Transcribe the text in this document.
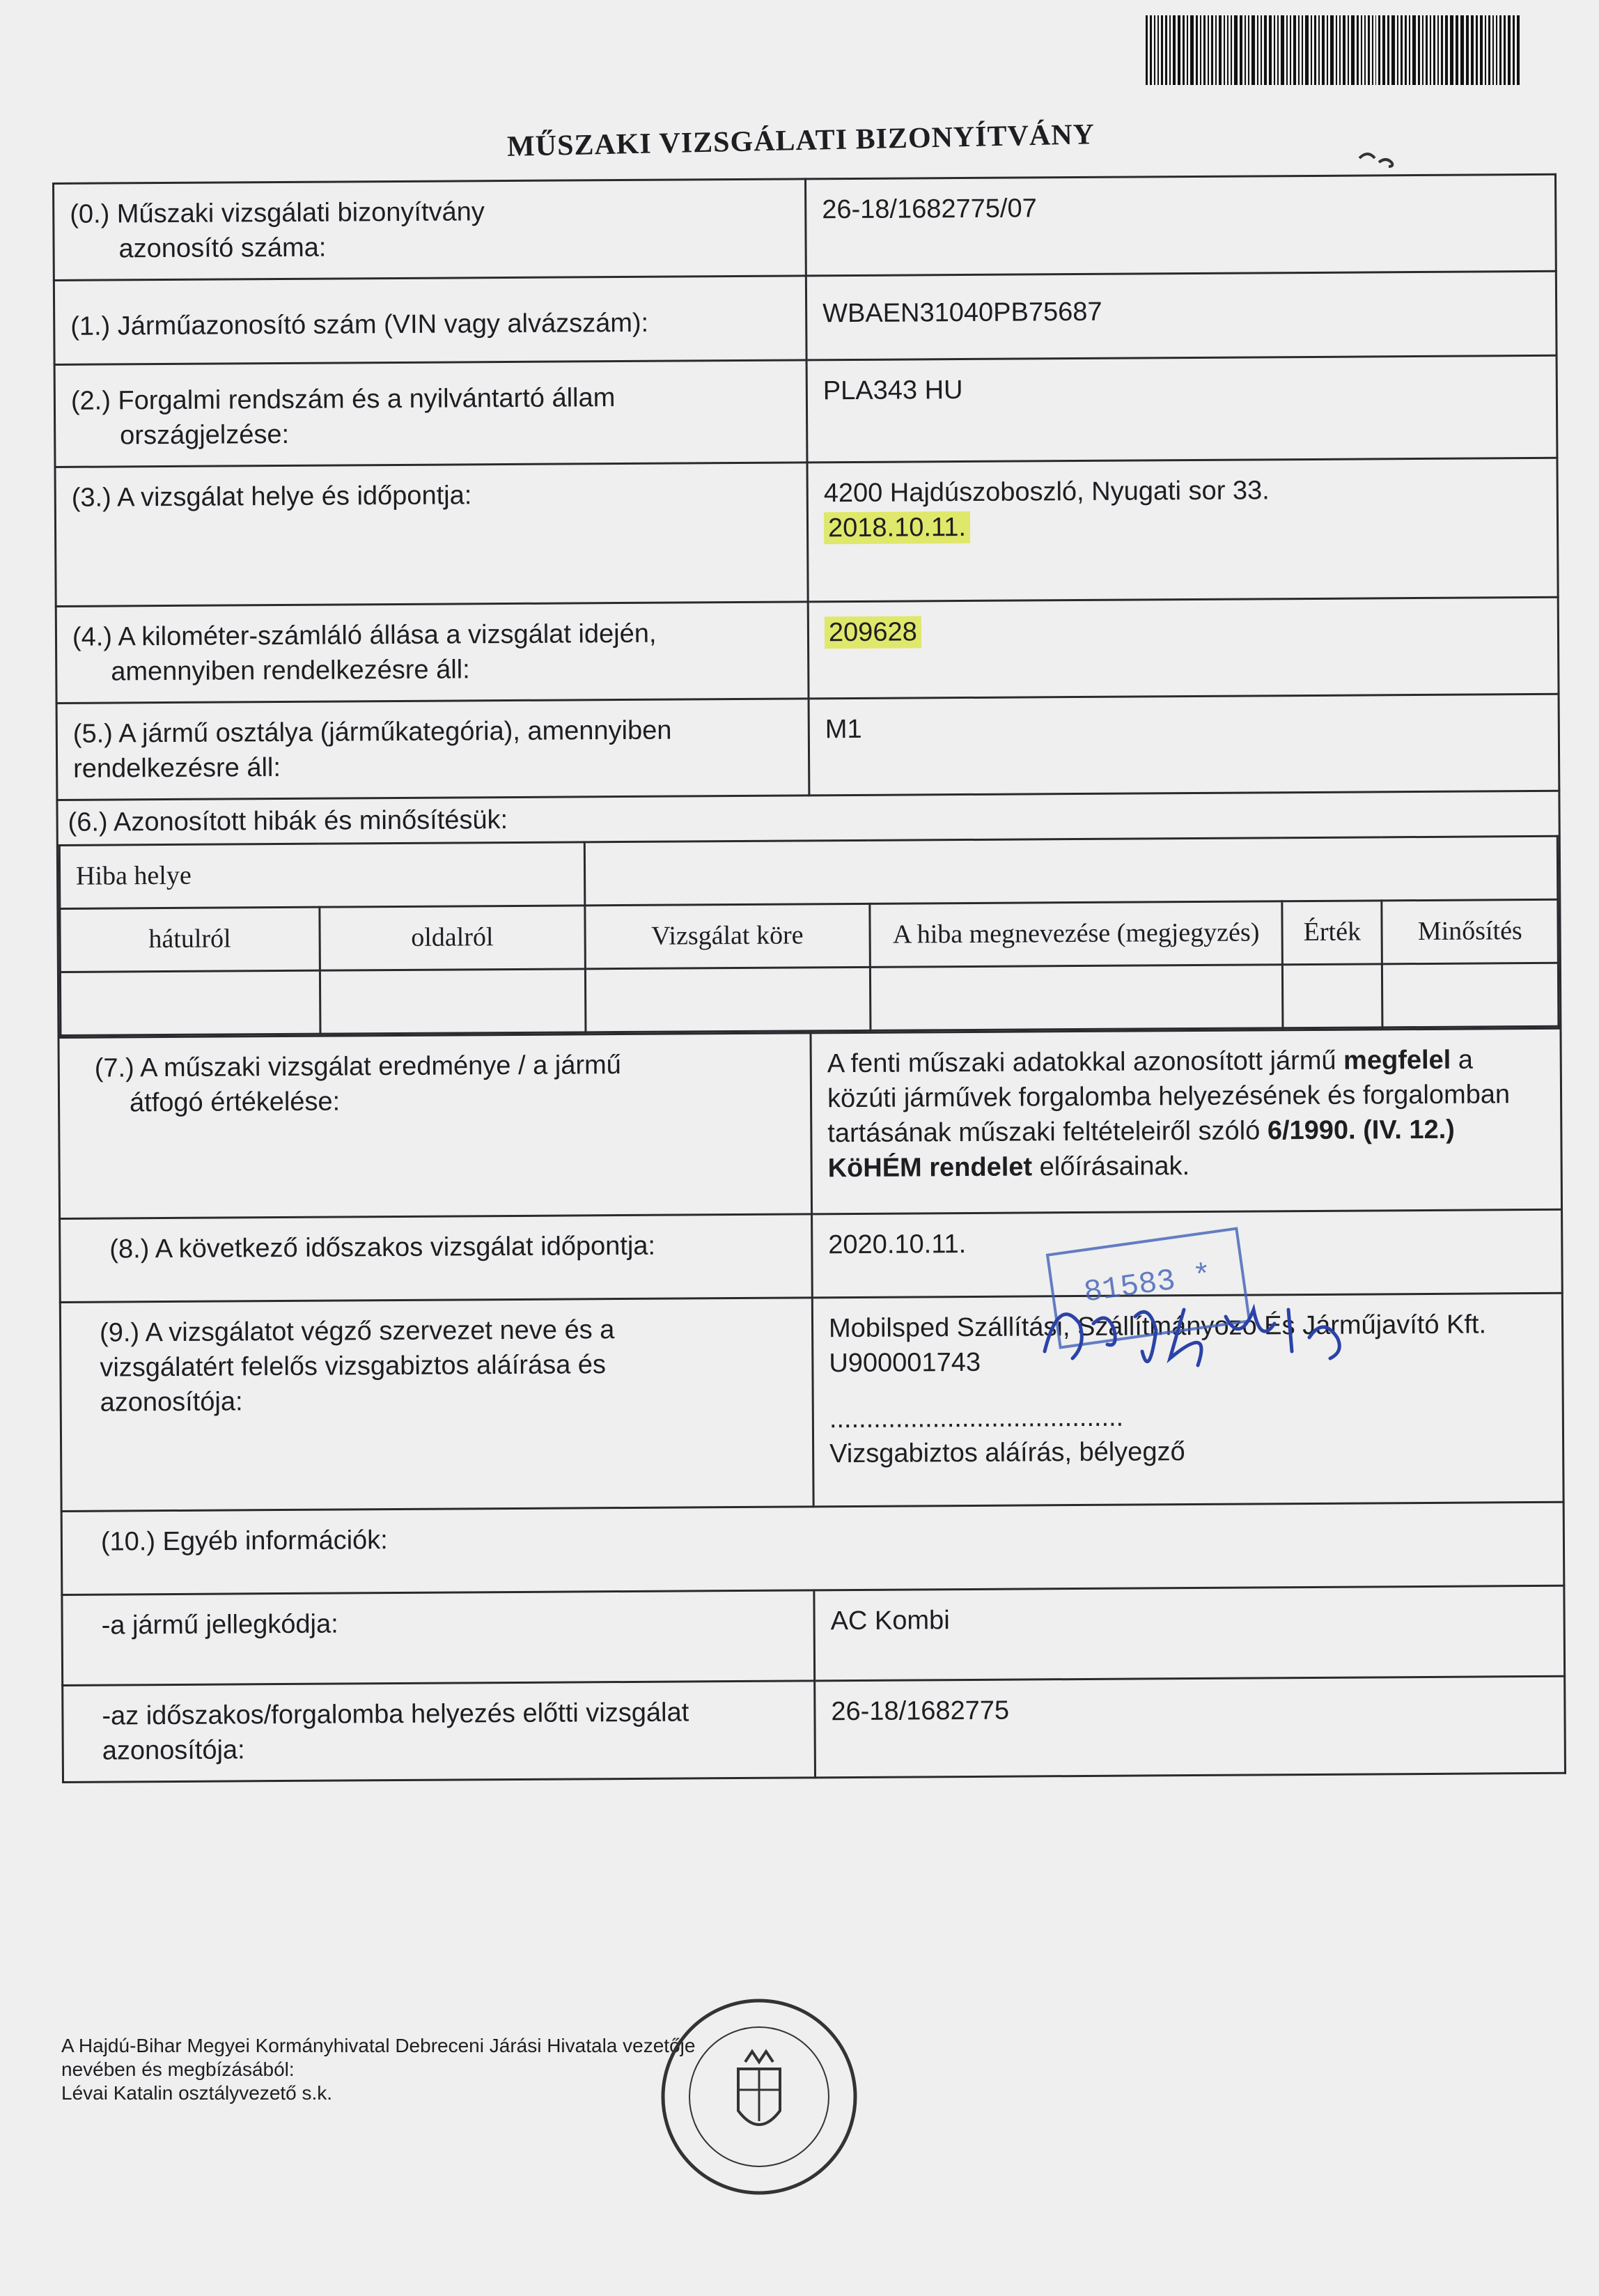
MŰSZAKI VIZSGÁLATI BIZONYÍTVÁNY
(0.) Műszaki vizsgálati bizonyítvány
azonosító száma:
	26-18/1682775/07
(1.) Járműazonosító szám (VIN vagy alvázszám):	WBAEN31040PB75687
(2.) Forgalmi rendszám és a nyilvántartó állam
országjelzése:
	PLA343 HU
(3.) A vizsgálat helye és időpontja:	4200 Hajdúszoboszló, Nyugati sor 33.
2018.10.11.

(4.) A kilométer-számláló állása a vizsgálat idején,
amennyiben rendelkezésre áll:
	209628

(5.) A jármű osztálya (járműkategória), amennyiben
rendelkezésre áll:
	M1

(6.) Azonosított hibák és minősítésük:
Hiba helye	
hátulról	oldalról	Vizsgálat köre	A hiba megnevezése (megjegyzés)	Érték	Minősítés

(7.) A műszaki vizsgálat eredménye / a jármű
átfogó értékelése:
	A fenti műszaki adatokkal azonosított jármű megfelel a közúti járművek forgalomba helyezésének és forgalomban tartásának műszaki feltételeiről szóló 6/1990. (IV. 12.) KöHÉM rendelet előírásainak.
(8.) A következő időszakos vizsgálat időpontja:	2020.10.11.

(9.) A vizsgálatot végző szervezet neve és a
vizsgálatért felelős vizsgabiztos aláírása és
azonosítója:

Mobilsped Szállítási, Szállítmányozó És Járműjavító Kft.
U900001743
........................................
Vizsgabiztos aláírás, bélyegző

(10.) Egyéb információk:
-a jármű jellegkódja:	AC Kombi

-az időszakos/forgalomba helyezés előtti vizsgálat
azonosítója:
	26-18/1682775
81583 *
A Hajdú-Bihar Megyei Kormányhivatal Debreceni Járási Hivatala vezetője
nevében és megbízásából:
Lévai Katalin osztályvezető s.k.
